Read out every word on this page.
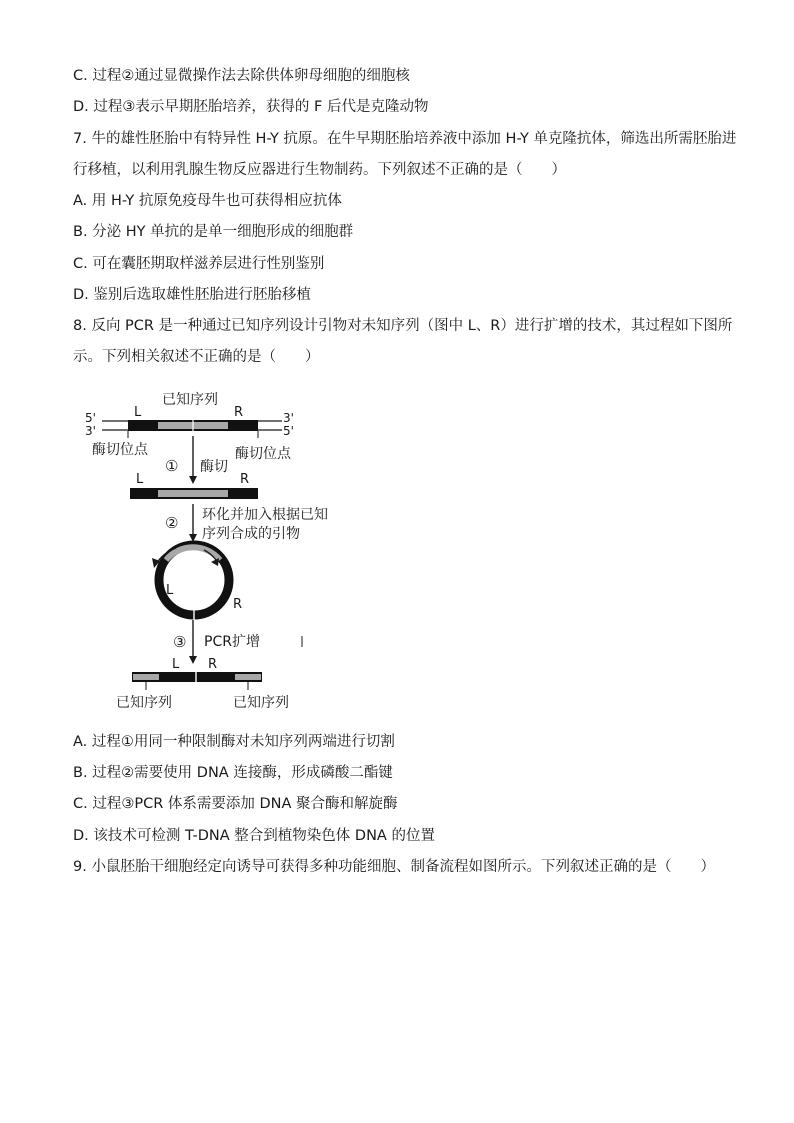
C. 过程②通过显微操作法去除供体卵母细胞的细胞核
D. 过程③表示早期胚胎培养，获得的 F 后代是克隆动物
7. 牛的雄性胚胎中有特异性 H-Y 抗原。在牛早期胚胎培养液中添加 H-Y 单克隆抗体，筛选出所需胚胎进
行移植，以利用乳腺生物反应器进行生物制药。下列叙述不正确的是（　　）
A. 用 H-Y 抗原免疫母牛也可获得相应抗体
B. 分泌 HY 单抗的是单一细胞形成的细胞群
C. 可在囊胚期取样滋养层进行性别鉴别
D. 鉴别后选取雄性胚胎进行胚胎移植
8. 反向 PCR 是一种通过已知序列设计引物对未知序列（图中 L、R）进行扩增的技术，其过程如下图所
示。下列相关叙述不正确的是（　　）
已知序列
L	R
5'
3'
3'
5'
酶切位点	酶切位点
① 酶切
L	R
② 环化并加入根据已知
序列合成的引物
L
R
③ PCR扩增
L R
已知序列	已知序列
A. 过程①用同一种限制酶对未知序列两端进行切割
B. 过程②需要使用 DNA 连接酶，形成磷酸二酯键
C. 过程③PCR 体系需要添加 DNA 聚合酶和解旋酶
D. 该技术可检测 T-DNA 整合到植物染色体 DNA 的位置
9. 小鼠胚胎干细胞经定向诱导可获得多种功能细胞、制备流程如图所示。下列叙述正确的是（　　）
